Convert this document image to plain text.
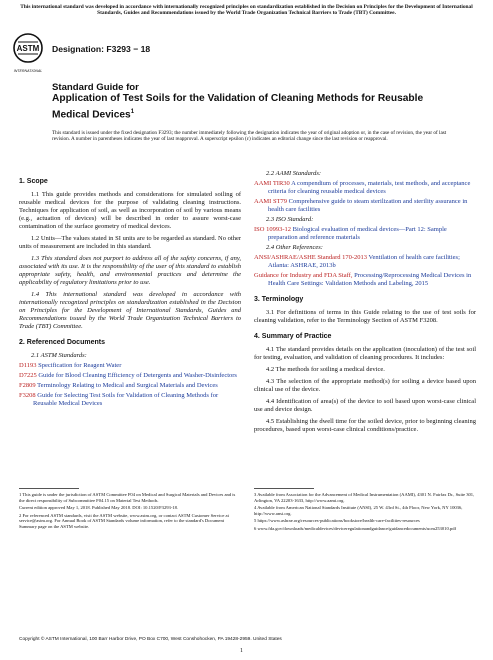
This international standard was developed in accordance with internationally recognized principles on standardization established in the Decision on Principles for the Development of International Standards, Guides and Recommendations issued by the World Trade Organization Technical Barriers to Trade (TBT) Committee.
ASTM
INTERNATIONAL
Designation: F3293 − 18
Standard Guide for
Application of Test Soils for the Validation of Cleaning Methods for Reusable Medical Devices$^1$
This standard is issued under the fixed designation F3293; the number immediately following the designation indicates the year of original adoption or, in the case of revision, the year of last revision. A number in parentheses indicates the year of last reapproval. A superscript epsilon (ε) indicates an editorial change since the last revision or reapproval.
1. Scope

1.1 This guide provides methods and considerations for simulated soiling of reusable medical devices for the purpose of validating cleaning instructions. Techniques for application of soil, as well as incorporation of soil by various means (e.g., actuation of devices) will be described in order to assure worst-case contamination of the surface geometry of medical devices.

1.2 Units—The values stated in SI units are to be regarded as standard. No other units of measurement are included in this standard.

1.3 This standard does not purport to address all of the safety concerns, if any, associated with its use. It is the responsibility of the user of this standard to establish appropriate safety, health, and environmental practices and determine the applicability of regulatory limitations prior to use.

1.4 This international standard was developed in accordance with internationally recognized principles on standardization established in the Decision on Principles for the Development of International Standards, Guides and Recommendations issued by the World Trade Organization Technical Barriers to Trade (TBT) Committee.

2. Referenced Documents
2.1 ASTM Standards:
D1193 Specification for Reagent Water
D7225 Guide for Blood Cleaning Efficiency of Detergents and Washer-Disinfectors
F2809 Terminology Relating to Medical and Surgical Materials and Devices
F3208 Guide for Selecting Test Soils for Validation of Cleaning Methods for Reusable Medical Devices
2.2 AAMI Standards:
AAMI TIR30 A compendium of processes, materials, test methods, and acceptance criteria for cleaning reusable medical devices
AAMI ST79 Comprehensive guide to steam sterilization and sterility assurance in health care facilities
2.3 ISO Standard:
ISO 10993-12 Biological evaluation of medical devices—Part 12: Sample preparation and reference materials
2.4 Other References:
ANSI/ASHRAE/ASHE Standard 170-2013 Ventilation of health care facilities; Atlanta: ASHRAE, 2013b
Guidance for Industry and FDA Staff, Processing/Reprocessing Medical Devices in Health Care Settings: Validation Methods and Labeling, 2015
3. Terminology

3.1 For definitions of terms in this Guide relating to the use of test soils for cleaning validation, refer to the Terminology Section of ASTM F3208.

4. Summary of Practice

4.1 The standard provides details on the application (inoculation) of the test soil for testing, evaluation, and validation of cleaning procedures. It includes:

4.2 The methods for soiling a medical device.

4.3 The selection of the appropriate method(s) for soiling a device based upon clinical use of the device.

4.4 Identification of area(s) of the device to soil based upon worst-case clinical use and device design.

4.5 Establishing the dwell time for the soiled device, prior to beginning cleaning procedures, based upon worst-case clinical conditions/practice.

1 This guide is under the jurisdiction of ASTM Committee F04 on Medical and Surgical Materials and Devices and is the direct responsibility of Subcommittee F04.15 on Material Test Methods.

Current edition approved May 1, 2018. Published May 2018. DOI: 10.1520/F3293-18.

2 For referenced ASTM standards, visit the ASTM website, www.astm.org, or contact ASTM Customer Service at service@astm.org. For Annual Book of ASTM Standards volume information, refer to the standard's Document Summary page on the ASTM website.

3 Available from Association for the Advancement of Medical Instrumentation (AAMI), 4301 N. Fairfax Dr., Suite 301, Arlington, VA 22203-1633, http://www.aami.org.

4 Available from American National Standards Institute (ANSI), 25 W. 43rd St., 4th Floor, New York, NY 10036, http://www.ansi.org.

5 https://www.ashrae.org/resources-publications/bookstore/health-care-facilities-resources

6 www.fda.gov/downloads/medicaldevices/deviceregulationandguidance/guidancedocuments/ucm253010.pdf

Copyright © ASTM International, 100 Barr Harbor Drive, PO Box C700, West Conshohocken, PA 19428-2959. United States
1
